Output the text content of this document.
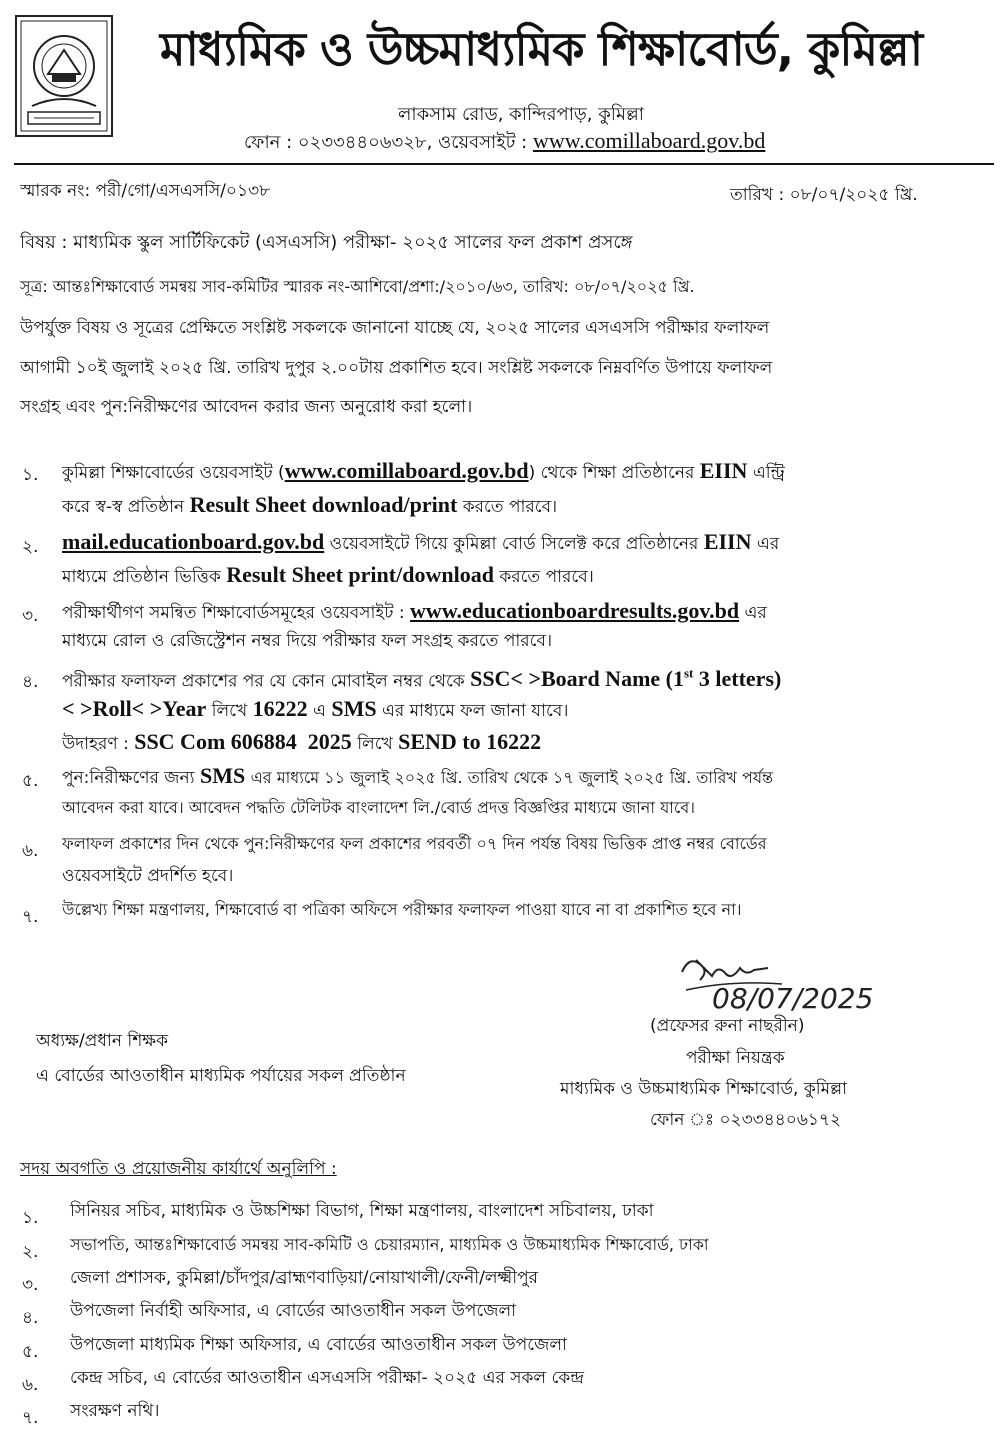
মাধ্যমিক ও উচ্চমাধ্যমিক শিক্ষাবোর্ড, কুমিল্লা
লাকসাম রোড, কান্দিরপাড়, কুমিল্লা
ফোন : ০২৩৩৪৪০৬৩২৮, ওয়েবসাইট : www.comillaboard.gov.bd
স্মারক নং: পরী/গো/এসএসসি/০১৩৮	তারিখ : ০৮/০৭/২০২৫ খ্রি.
বিষয় : মাধ্যমিক স্কুল সার্টিফিকেট (এসএসসি) পরীক্ষা- ২০২৫ সালের ফল প্রকাশ প্রসঙ্গে
সূত্র: আন্তঃশিক্ষাবোর্ড সমন্বয় সাব-কমিটির স্মারক নং-আশিবো/প্রশা:/২০১০/৬৩, তারিখ: ০৮/০৭/২০২৫ খ্রি.
উপর্যুক্ত বিষয় ও সূত্রের প্রেক্ষিতে সংশ্লিষ্ট সকলকে জানানো যাচ্ছে যে, ২০২৫ সালের এসএসসি পরীক্ষার ফলাফল
আগামী ১০ই জুলাই ২০২৫ খ্রি. তারিখ দুপুর ২.০০টায় প্রকাশিত হবে। সংশ্লিষ্ট সকলকে নিম্নবর্ণিত উপায়ে ফলাফল
সংগ্রহ এবং পুন:নিরীক্ষণের আবেদন করার জন্য অনুরোধ করা হলো।
১. কুমিল্লা শিক্ষাবোর্ডের ওয়েবসাইট (www.comillaboard.gov.bd) থেকে শিক্ষা প্রতিষ্ঠানের EIIN এন্ট্রি
করে স্ব-স্ব প্রতিষ্ঠান Result Sheet download/print করতে পারবে।
২. mail.educationboard.gov.bd ওয়েবসাইটে গিয়ে কুমিল্লা বোর্ড সিলেক্ট করে প্রতিষ্ঠানের EIIN এর
মাধ্যমে প্রতিষ্ঠান ভিত্তিক Result Sheet print/download করতে পারবে।
৩. পরীক্ষার্থীগণ সমন্বিত শিক্ষাবোর্ডসমূহের ওয়েবসাইট : www.educationboardresults.gov.bd এর
মাধ্যমে রোল ও রেজিস্ট্রেশন নম্বর দিয়ে পরীক্ষার ফল সংগ্রহ করতে পারবে।
৪. পরীক্ষার ফলাফল প্রকাশের পর যে কোন মোবাইল নম্বর থেকে SSC< >Board Name (1st 3 letters)
< >Roll< >Year লিখে 16222 এ SMS এর মাধ্যমে ফল জানা যাবে।
উদাহরণ : SSC Com 606884  2025 লিখে SEND to 16222
৫. পুন:নিরীক্ষণের জন্য SMS এর মাধ্যমে ১১ জুলাই ২০২৫ খ্রি. তারিখ থেকে ১৭ জুলাই ২০২৫ খ্রি. তারিখ পর্যন্ত
আবেদন করা যাবে। আবেদন পদ্ধতি টেলিটক বাংলাদেশ লি./বোর্ড প্রদত্ত বিজ্ঞপ্তির মাধ্যমে জানা যাবে।
৬. ফলাফল প্রকাশের দিন থেকে পুন:নিরীক্ষণের ফল প্রকাশের পরবর্তী ০৭ দিন পর্যন্ত বিষয় ভিত্তিক প্রাপ্ত নম্বর বোর্ডের
ওয়েবসাইটে প্রদর্শিত হবে।
৭. উল্লেখ্য শিক্ষা মন্ত্রণালয়, শিক্ষাবোর্ড বা পত্রিকা অফিসে পরীক্ষার ফলাফল পাওয়া যাবে না বা প্রকাশিত হবে না।
08/07/2025
অধ্যক্ষ/প্রধান শিক্ষক
এ বোর্ডের আওতাধীন মাধ্যমিক পর্যায়ের সকল প্রতিষ্ঠান
(প্রফেসর রুনা নাছরীন)
পরীক্ষা নিয়ন্ত্রক
মাধ্যমিক ও উচ্চমাধ্যমিক শিক্ষাবোর্ড, কুমিল্লা
ফোন ঃ ০২৩৩৪৪০৬১৭২
সদয় অবগতি ও প্রয়োজনীয় কার্যার্থে অনুলিপি :
১. সিনিয়র সচিব, মাধ্যমিক ও উচ্চশিক্ষা বিভাগ, শিক্ষা মন্ত্রণালয়, বাংলাদেশ সচিবালয়, ঢাকা
২. সভাপতি, আন্তঃশিক্ষাবোর্ড সমন্বয় সাব-কমিটি ও চেয়ারম্যান, মাধ্যমিক ও উচ্চমাধ্যমিক শিক্ষাবোর্ড, ঢাকা
৩. জেলা প্রশাসক, কুমিল্লা/চাঁদপুর/ব্রাহ্মণবাড়িয়া/নোয়াখালী/ফেনী/লক্ষ্মীপুর
৪. উপজেলা নির্বাহী অফিসার, এ বোর্ডের আওতাধীন সকল উপজেলা
৫. উপজেলা মাধ্যমিক শিক্ষা অফিসার, এ বোর্ডের আওতাধীন সকল উপজেলা
৬. কেন্দ্র সচিব, এ বোর্ডের আওতাধীন এসএসসি পরীক্ষা- ২০২৫ এর সকল কেন্দ্র
৭. সংরক্ষণ নথি।
